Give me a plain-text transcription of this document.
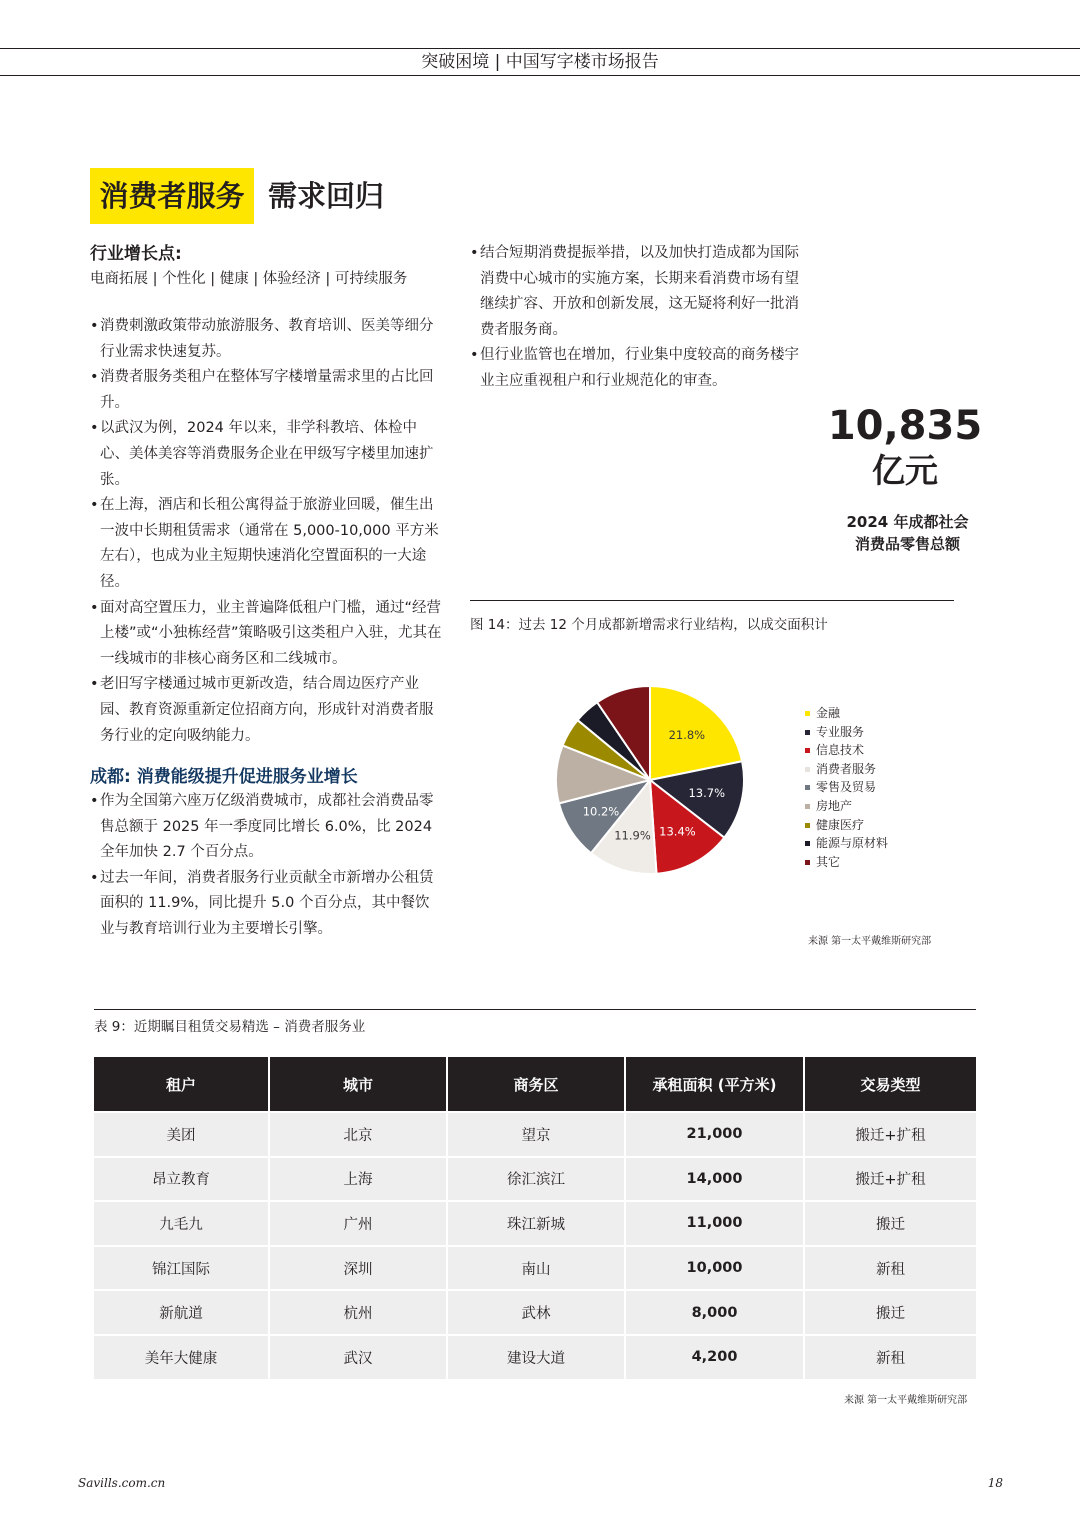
突破困境 | 中国写字楼市场报告
消费者服务 需求回归
行业增长点:
电商拓展 | 个性化 | 健康 | 体验经济 | 可持续服务
• 消费刺激政策带动旅游服务、教育培训、医美等细分行业需求快速复苏。
• 消费者服务类租户在整体写字楼增量需求里的占比回升。
• 以武汉为例，2024 年以来，非学科教培、体检中心、美体美容等消费服务企业在甲级写字楼里加速扩张。
• 在上海，酒店和长租公寓得益于旅游业回暖，催生出一波中长期租赁需求（通常在 5,000-10,000 平方米左右），也成为业主短期快速消化空置面积的一大途径。
• 面对高空置压力，业主普遍降低租户门槛，通过“经营上楼”或“小独栋经营”策略吸引这类租户入驻，尤其在一线城市的非核心商务区和二线城市。
• 老旧写字楼通过城市更新改造，结合周边医疗产业园、教育资源重新定位招商方向，形成针对消费者服务行业的定向吸纳能力。
成都: 消费能级提升促进服务业增长
• 作为全国第六座万亿级消费城市，成都社会消费品零售总额于 2025 年一季度同比增长 6.0%，比 2024 全年加快 2.7 个百分点。
• 过去一年间，消费者服务行业贡献全市新增办公租赁面积的 11.9%，同比提升 5.0 个百分点，其中餐饮业与教育培训行业为主要增长引擎。
• 结合短期消费提振举措，以及加快打造成都为国际消费中心城市的实施方案，长期来看消费市场有望继续扩容、开放和创新发展，这无疑将利好一批消费者服务商。
• 但行业监管也在增加，行业集中度较高的商务楼宇业主应重视租户和行业规范化的审查。
10,835
亿元
2024 年成都社会
消费品零售总额
图 14：过去 12 个月成都新增需求行业结构，以成交面积计
21.8%
13.7%
13.4%
11.9%
10.2%
金融
专业服务
信息技术
消费者服务
零售及贸易
房地产
健康医疗
能源与原材料
其它
来源 第一太平戴维斯研究部
表 9：近期瞩目租赁交易精选 – 消费者服务业
租户	城市	商务区	承租面积 (平方米)	交易类型
美团	北京	望京	21,000	搬迁+扩租
昂立教育	上海	徐汇滨江	14,000	搬迁+扩租
九毛九	广州	珠江新城	11,000	搬迁
锦江国际	深圳	南山	10,000	新租
新航道	杭州	武林	8,000	搬迁
美年大健康	武汉	建设大道	4,200	新租
来源 第一太平戴维斯研究部
Savills.com.cn	18
